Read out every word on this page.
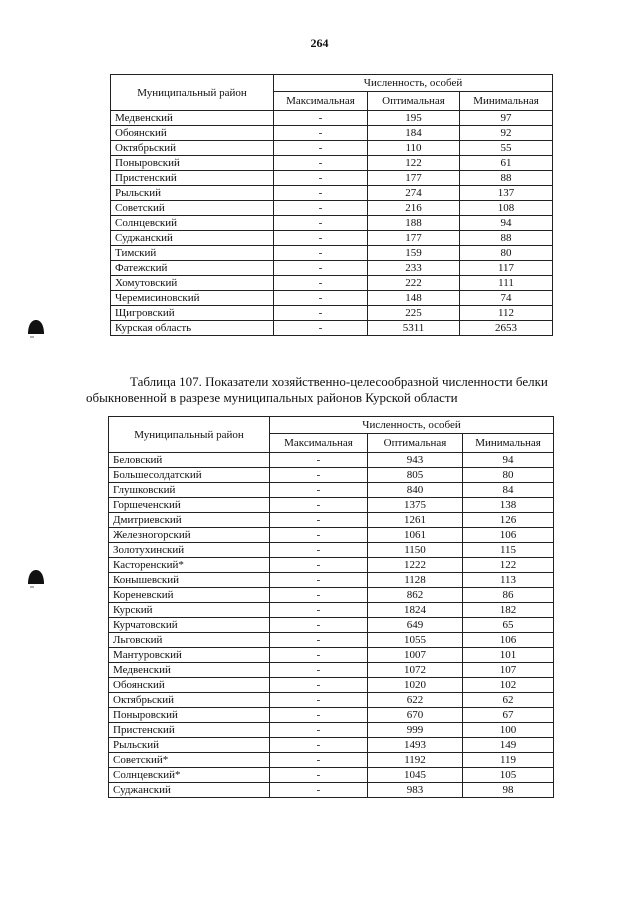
264
Муниципальный район	Численность, особей		
	Максимальная	Оптимальная	Минимальная
Медвенский	-	195	97
Обоянский	-	184	92
Октябрьский	-	110	55
Поныровский	-	122	61
Пристенский	-	177	88
Рыльский	-	274	137
Советский	-	216	108
Солнцевский	-	188	94
Суджанский	-	177	88
Тимский	-	159	80
Фатежский	-	233	117
Хомутовский	-	222	111
Черемисиновский	-	148	74
Щигровский	-	225	112
Курская область	-	5311	2653
Таблица 107. Показатели хозяйственно-целесообразной численности белки
обыкновенной в разрезе муниципальных районов Курской области
Муниципальный район	Численность, особей		
	Максимальная	Оптимальная	Минимальная
Беловский	-	943	94
Большесолдатский	-	805	80
Глушковский	-	840	84
Горшеченский	-	1375	138
Дмитриевский	-	1261	126
Железногорский	-	1061	106
Золотухинский	-	1150	115
Касторенский*	-	1222	122
Конышевский	-	1128	113
Кореневский	-	862	86
Курский	-	1824	182
Курчатовский	-	649	65
Льговский	-	1055	106
Мантуровский	-	1007	101
Медвенский	-	1072	107
Обоянский	-	1020	102
Октябрьский	-	622	62
Поныровский	-	670	67
Пристенский	-	999	100
Рыльский	-	1493	149
Советский*	-	1192	119
Солнцевский*	-	1045	105
Суджанский	-	983	98
